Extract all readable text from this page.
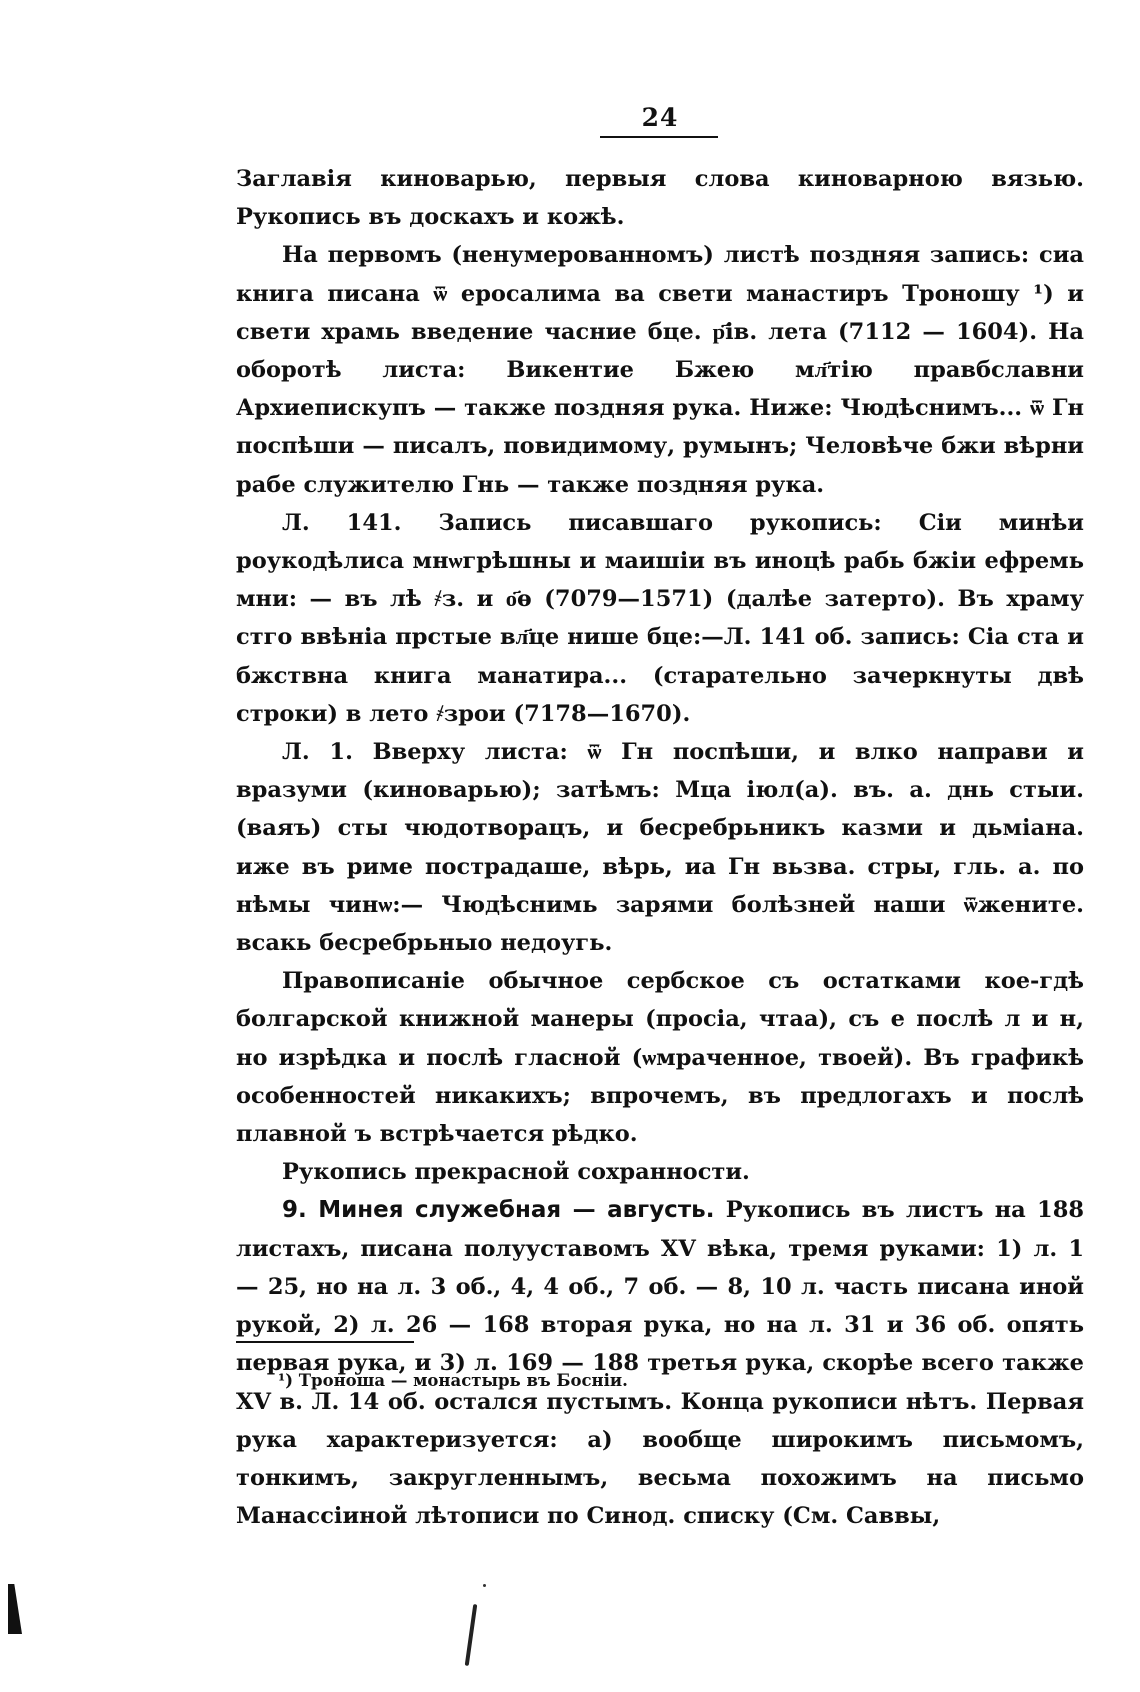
24

Заглавія киноварью, первыя слова киноварною вязью. Рукопись въ доскахъ и кожѣ.

На первомъ (ненумерованномъ) листѣ поздняя запись: сиа книга писана ѿ еросалима ва свети манастиръ Троношу ¹) и свети храмь введение часниe бцe. р҃ів. лета (7112 — 1604). На оборотѣ листа: Викентие Бжею мл҃тію правбславни Архиепискупъ — также поздняя рука. Ниже: Чюдѣснимъ... ѿ Гн поспѣши — писалъ, повидимому, румынъ; Человѣче бжи вѣрни рабе служителю Гнь — также поздняя рука.

Л. 141. Запись писавшаго рукопись: Сiи минѣи роукодѣлиса мнѡгрѣшны и маишiи въ иноцѣ рабь бжiи ефремь мни: — въ лѣ ҂з. и о҃ѳ (7079—1571) (далѣе затерто). Въ храму стго ввѣнiа прстые вл҃це нише бце:—Л. 141 об. запись: Сiа ста и бжствна книга манатира... (старательно зачеркнуты двѣ строки) в лето ҂зрои (7178—1670).

Л. 1. Вверху листа: ѿ Гн поспѣши, и влко направи и вразуми (киноварью); затѣмъ: Мца iюл(а). въ. а. днь стыи. (ваяъ) сты чюдотворацъ, и бесребрьникъ казми и дьмiана. иже въ риме пострадаше, вѣрь, иа Гн вьзва. стры, гль. а. по нѣмы чинѡ:— Чюдѣснимь зарями болѣзней наши ѿжените. всакь бесребрьныо недоугь.

Правописаніе обычное сербское съ остатками кое-гдѣ болгарской книжной манеры (просiа, чтаа), съ е послѣ л и н, но изрѣдка и послѣ гласной (ѡмраченное, твоей). Въ графикѣ особенностей никакихъ; впрочемъ, въ предлогахъ и послѣ плавной ъ встрѣчается рѣдко.

Рукопись прекрасной сохранности.

9. Минея служебная — августь. Рукопись въ листъ на 188 листахъ, писана полууставомъ XV вѣка, тремя руками: 1) л. 1 — 25, но на л. 3 об., 4, 4 об., 7 об. — 8, 10 л. часть писана иной рукой, 2) л. 26 — 168 вторая рука, но на л. 31 и 36 об. опять первая рука, и 3) л. 169 — 188 третья рука, скорѣе всего также XV в. Л. 14 об. остался пустымъ. Конца рукописи нѣтъ. Первая рука характеризуется: а) вообще широкимъ письмомъ, тонкимъ, закругленнымъ, весьма похожимъ на письмо Манассiиной лѣтописи по Синод. списку (См. Саввы,

¹) Троноша — монастырь въ Боснiи.
